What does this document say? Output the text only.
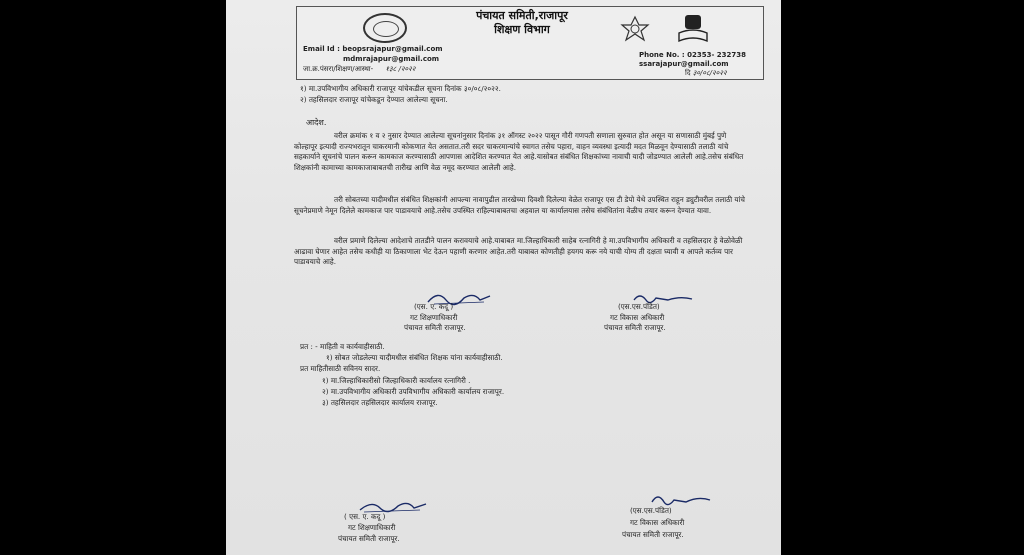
पंचायत समिती,राजापूर
शिक्षण विभाग
Email Id : beopsrajapur@gmail.com
mdmrajapur@gmail.com
जा.क्र.पंसरा/शिक्षण/आस्था- १३८ /२०२२
Phone No. : 02353- 232738
ssarajapur@gmail.com
दि ३०/०८/२०२२
१) मा.उपविभागीय अधिकारी राजापूर यांचेकडील सूचना दिनांक ३०/०८/२०२२.
२) तहसिलदार राजापूर यांचेकडून देण्यात आलेल्या सूचना.
आदेश.
वरील क्रमांक १ व २ नुसार देण्यात आलेल्या सूचनांनुसार दिनांक ३१ ऑगस्ट २०२२ पासून गौरी गणपती सणाला सुरुवात होत असून या सणासाठी मुंबई पुणे कोल्हापूर इत्यादी राज्यभरातून चाकरमानी कोकणात येत असतात.तरी सदर चाकरमान्यांचे स्वागत तसेच पहारा, वाहन व्यवस्था इत्यादी मदत मिळवून देण्यासाठी तलाठी यांचे सहकार्याने सूचनांचे पालन करून कामकाज करण्यासाठी आपणास आदेशित करण्यात येत आहे.यासोबत संबंधित शिक्षकांच्या नावाची यादी जोडण्यात आलेली आहे.तसेच संबंधित शिक्षकांनी कामाच्या कामकाजाबाबतची तारीख आणि वेळ नमूद करण्यात आलेली आहे.
तरी सोबतच्या यादीमधील संबंधित शिक्षकांनी आपल्या नावापुढील तारखेच्या दिवशी दिलेल्या वेळेत राजापूर एस टी डेपो येथे उपस्थित राहून ड्युटीवरील तलाठी यांचे सूचनेप्रमाणे नेमून दिलेले कामकाज पार पाडावयाचे आहे.तसेच उपस्थित राहिल्याबाबतचा अहवाल या कार्यालयास तसेच संबंधितांना वेळीच तयार करून देण्यात यावा.
वरील प्रमाणे दिलेल्या आदेशाचे तातडीने पालन करावयाचे आहे.याबाबत मा.जिल्हाधिकारी साहेब रत्नागिरी हे मा.उपविभागीय अधिकारी व तहसिलदार हे वेळोवेळी आढावा घेणार आहेत तसेच कधीही या ठिकाणाला भेट देऊन पहाणी करणार आहेत.तरी याबाबत कोणतीही हयगय करू नये याची योग्य ती दक्षता घ्यावी व आपले कर्तव्य पार पाडावयाचे आहे.
(एस. ए. कदू )
गट शिक्षणाधिकारी
पंचायत समिती राजापूर.
(एस.एस.पंडित)
गट विकास अधिकारी
पंचायत समिती राजापूर.
प्रत : - माहिती व कार्यवाहीसाठी.
१) सोबत जोडलेल्या यादीमधील संबंधित शिक्षक यांना कार्यवाहीसाठी.
प्रत माहितीसाठी सविनय सादर.
१) मा.जिल्हाधिकारीसो जिल्हाधिकारी कार्यालय रत्नागिरी .
२) मा.उपविभागीय अधिकारी उपविभागीय अधिकारी कार्यालय राजापूर.
३) तहसिलदार तहसिलदार कार्यालय राजापूर.
( एस. ए. कदू )
गट शिक्षणाधिकारी
पंचायत समिती राजापूर.
(एस.एस.पंडित)
गट विकास अधिकारी
पंचायत समिती राजापूर.
